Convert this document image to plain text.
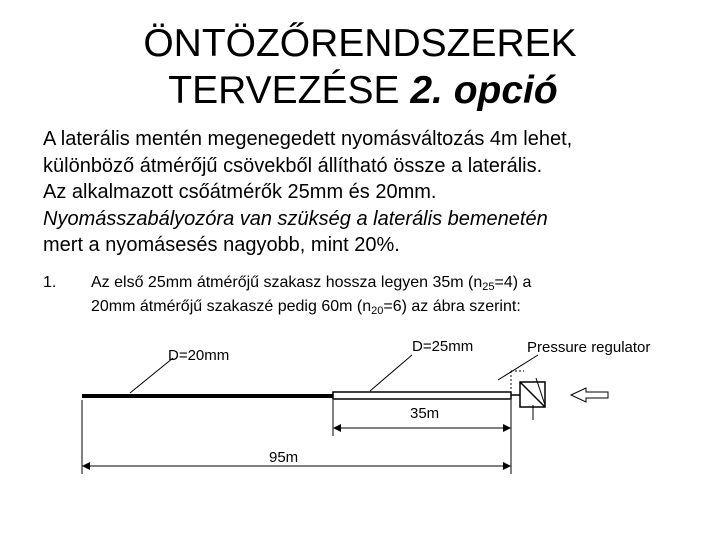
ÖNTÖZŐRENDSZEREK
TERVEZÉSE 2. opció
A laterális mentén megenegedett nyomásváltozás 4m lehet,
különböző átmérőjű csövekből állítható össze a laterális.
Az alkalmazott csőátmérők 25mm és 20mm.
Nyomásszabályozóra van szükség a laterális bemenetén
mert a nyomásesés nagyobb, mint 20%.
1. Az első 25mm átmérőjű szakasz hossza legyen 35m $(n_{25}=4)$ a
20mm átmérőjű szakaszé pedig 60m $(n_{20}=6)$ az ábra szerint:
D=20mm
D=25mm	Pressure regulator
35m
95m
